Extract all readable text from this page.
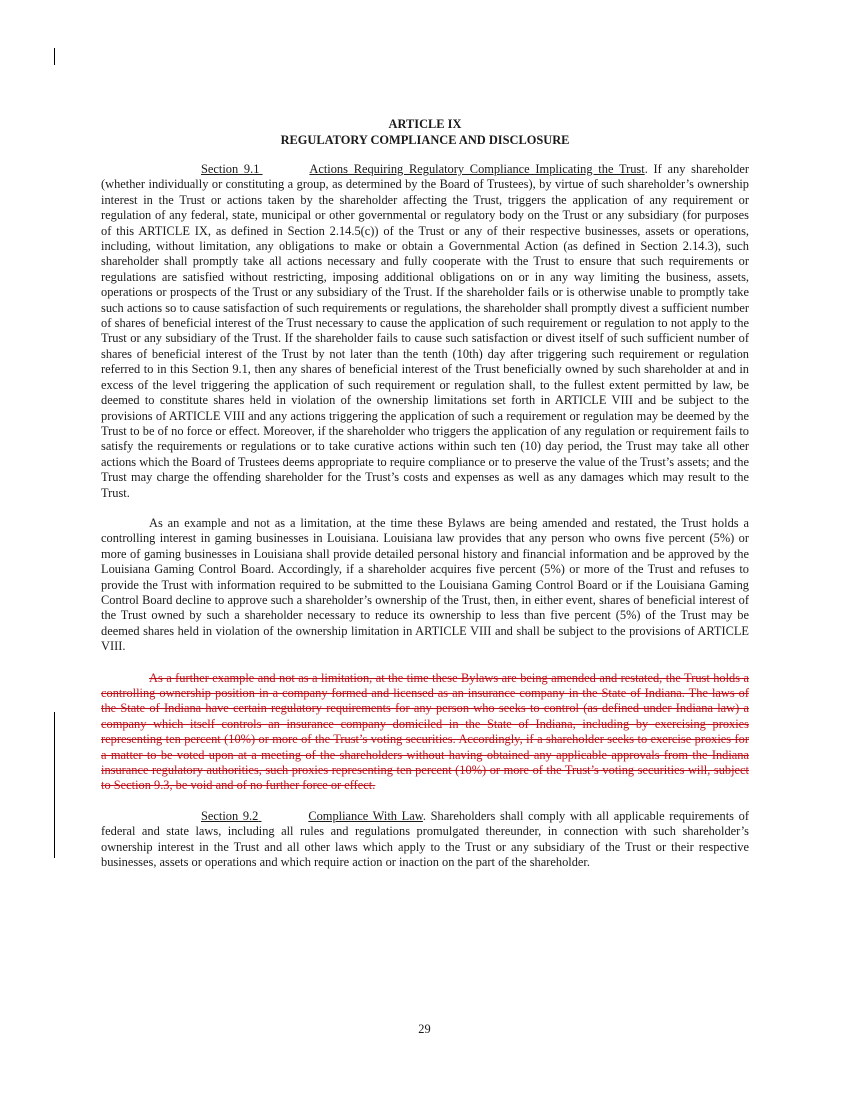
ARTICLE IX
REGULATORY COMPLIANCE AND DISCLOSURE

Section 9.1	Actions Requiring Regulatory Compliance Implicating the Trust. If any shareholder (whether individually or constituting a group, as determined by the Board of Trustees), by virtue of such shareholder’s ownership interest in the Trust or actions taken by the shareholder affecting the Trust, triggers the application of any requirement or regulation of any federal, state, municipal or other governmental or regulatory body on the Trust or any subsidiary (for purposes of this ARTICLE IX, as defined in Section 2.14.5(c)) of the Trust or any of their respective businesses, assets or operations, including, without limitation, any obligations to make or obtain a Governmental Action (as defined in Section 2.14.3), such shareholder shall promptly take all actions necessary and fully cooperate with the Trust to ensure that such requirements or regulations are satisfied without restricting, imposing additional obligations on or in any way limiting the business, assets, operations or prospects of the Trust or any subsidiary of the Trust. If the shareholder fails or is otherwise unable to promptly take such actions so to cause satisfaction of such requirements or regulations, the shareholder shall promptly divest a sufficient number of shares of beneficial interest of the Trust necessary to cause the application of such requirement or regulation to not apply to the Trust or any subsidiary of the Trust. If the shareholder fails to cause such satisfaction or divest itself of such sufficient number of shares of beneficial interest of the Trust by not later than the tenth (10th) day after triggering such requirement or regulation referred to in this Section 9.1, then any shares of beneficial interest of the Trust beneficially owned by such shareholder at and in excess of the level triggering the application of such requirement or regulation shall, to the fullest extent permitted by law, be deemed to constitute shares held in violation of the ownership limitations set forth in ARTICLE VIII and be subject to the provisions of ARTICLE VIII and any actions triggering the application of such a requirement or regulation may be deemed by the Trust to be of no force or effect. Moreover, if the shareholder who triggers the application of any regulation or requirement fails to satisfy the requirements or regulations or to take curative actions within such ten (10) day period, the Trust may take all other actions which the Board of Trustees deems appropriate to require compliance or to preserve the value of the Trust’s assets; and the Trust may charge the offending shareholder for the Trust’s costs and expenses as well as any damages which may result to the Trust.

As an example and not as a limitation, at the time these Bylaws are being amended and restated, the Trust holds a controlling interest in gaming businesses in Louisiana. Louisiana law provides that any person who owns five percent (5%) or more of gaming businesses in Louisiana shall provide detailed personal history and financial information and be approved by the Louisiana Gaming Control Board. Accordingly, if a shareholder acquires five percent (5%) or more of the Trust and refuses to provide the Trust with information required to be submitted to the Louisiana Gaming Control Board or if the Louisiana Gaming Control Board decline to approve such a shareholder’s ownership of the Trust, then, in either event, shares of beneficial interest of the Trust owned by such a shareholder necessary to reduce its ownership to less than five percent (5%) of the Trust may be deemed shares held in violation of the ownership limitation in ARTICLE VIII and shall be subject to the provisions of ARTICLE VIII.

As a further example and not as a limitation, at the time these Bylaws are being amended and restated, the Trust holds a controlling ownership position in a company formed and licensed as an insurance company in the State of Indiana. The laws of the State of Indiana have certain regulatory requirements for any person who seeks to control (as defined under Indiana law) a company which itself controls an insurance company domiciled in the State of Indiana, including by exercising proxies representing ten percent (10%) or more of the Trust’s voting securities. Accordingly, if a shareholder seeks to exercise proxies for a matter to be voted upon at a meeting of the shareholders without having obtained any applicable approvals from the Indiana insurance regulatory authorities, such proxies representing ten percent (10%) or more of the Trust’s voting securities will, subject to Section 9.3, be void and of no further force or effect.

Section 9.2	Compliance With Law. Shareholders shall comply with all applicable requirements of federal and state laws, including all rules and regulations promulgated thereunder, in connection with such shareholder’s ownership interest in the Trust and all other laws which apply to the Trust or any subsidiary of the Trust or their respective businesses, assets or operations and which require action or inaction on the part of the shareholder.

29
